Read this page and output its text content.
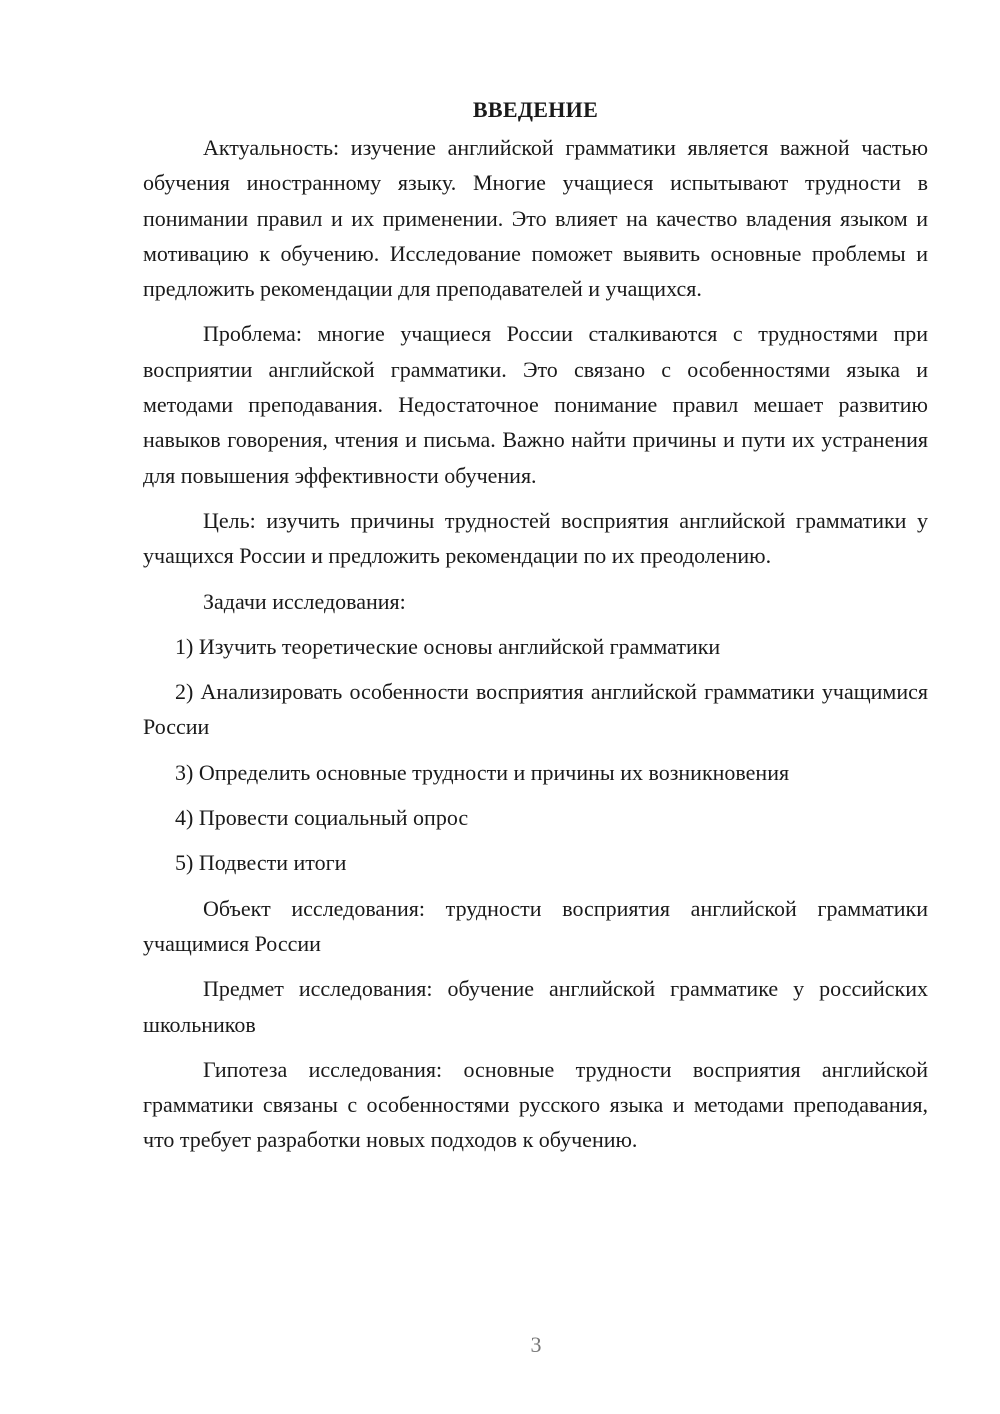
ВВЕДЕНИЕ

Актуальность: изучение английской грамматики является важной частью обучения иностранному языку. Многие учащиеся испытывают трудности в понимании правил и их применении. Это влияет на качество владения языком и мотивацию к обучению. Исследование поможет выявить основные проблемы и предложить рекомендации для преподавателей и учащихся.

Проблема: многие учащиеся России сталкиваются с трудностями при восприятии английской грамматики. Это связано с особенностями языка и методами преподавания. Недостаточное понимание правил мешает развитию навыков говорения, чтения и письма. Важно найти причины и пути их устранения для повышения эффективности обучения.

Цель: изучить причины трудностей восприятия английской грамматики у учащихся России и предложить рекомендации по их преодолению.

Задачи исследования:

1) Изучить теоретические основы английской грамматики

2) Анализировать особенности восприятия английской грамматики учащимися России

3) Определить основные трудности и причины их возникновения

4) Провести социальный опрос

5) Подвести итоги

Объект исследования: трудности восприятия английской грамматики учащимися России

Предмет исследования: обучение английской грамматике у российских школьников

Гипотеза исследования: основные трудности восприятия английской грамматики связаны с особенностями русского языка и методами преподавания, что требует разработки новых подходов к обучению.

3
